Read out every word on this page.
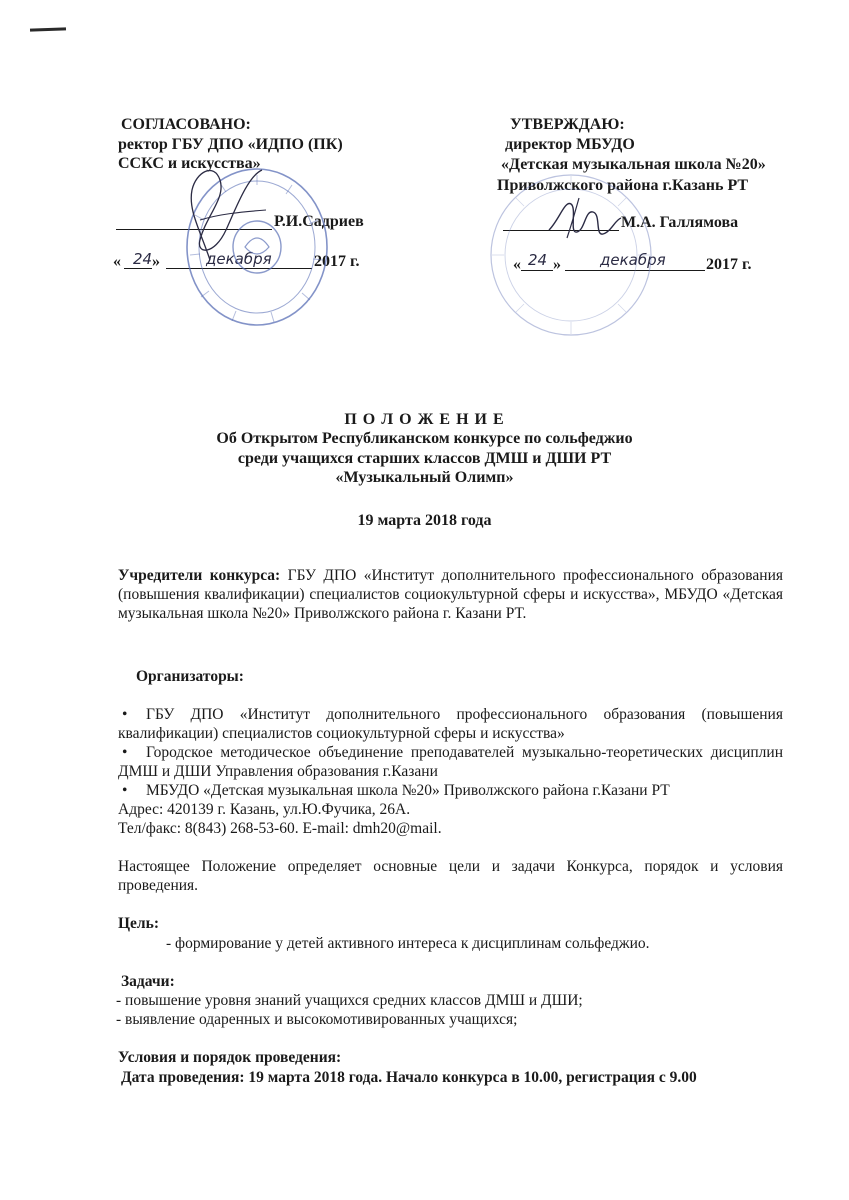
СОГЛАСОВАНО:
ректор ГБУ ДПО «ИДПО (ПК)
ССКС и искусства»
Р.И.Садриев
« 24 »	декабря	2017 г.
УТВЕРЖДАЮ:
директор МБУДО
«Детская музыкальная школа №20»
Приволжского района г.Казань РТ
М.А. Галлямова
« 24 »	декабря	2017 г.
П О Л О Ж Е Н И Е
Об Открытом Республиканском конкурсе по сольфеджио
среди учащихся старших классов ДМШ и ДШИ РТ
«Музыкальный Олимп»
19 марта 2018 года
Учредители конкурса: ГБУ ДПО «Институт дополнительного профессионального образования (повышения квалификации) специалистов социокультурной сферы и искусства», МБУДО «Детская музыкальная школа №20» Приволжского района г. Казани РТ.
Организаторы:
• ГБУ ДПО «Институт дополнительного профессионального образования (повышения квалификации) специалистов социокультурной сферы и искусства»
• Городское методическое объединение преподавателей музыкально-теоретических дисциплин ДМШ и ДШИ Управления образования г.Казани
• МБУДО «Детская музыкальная школа №20» Приволжского района г.Казани РТ
Адрес: 420139 г. Казань, ул.Ю.Фучика, 26А.
Тел/факс: 8(843) 268-53-60. E-mail: dmh20@mail.
Настоящее Положение определяет основные цели и задачи Конкурса, порядок и условия проведения.
Цель:
- формирование у детей активного интереса к дисциплинам сольфеджио.
Задачи:
- повышение уровня знаний учащихся средних классов ДМШ и ДШИ;
- выявление одаренных и высокомотивированных учащихся;
Условия и порядок проведения:
Дата проведения: 19 марта 2018 года. Начало конкурса в 10.00, регистрация с 9.00
